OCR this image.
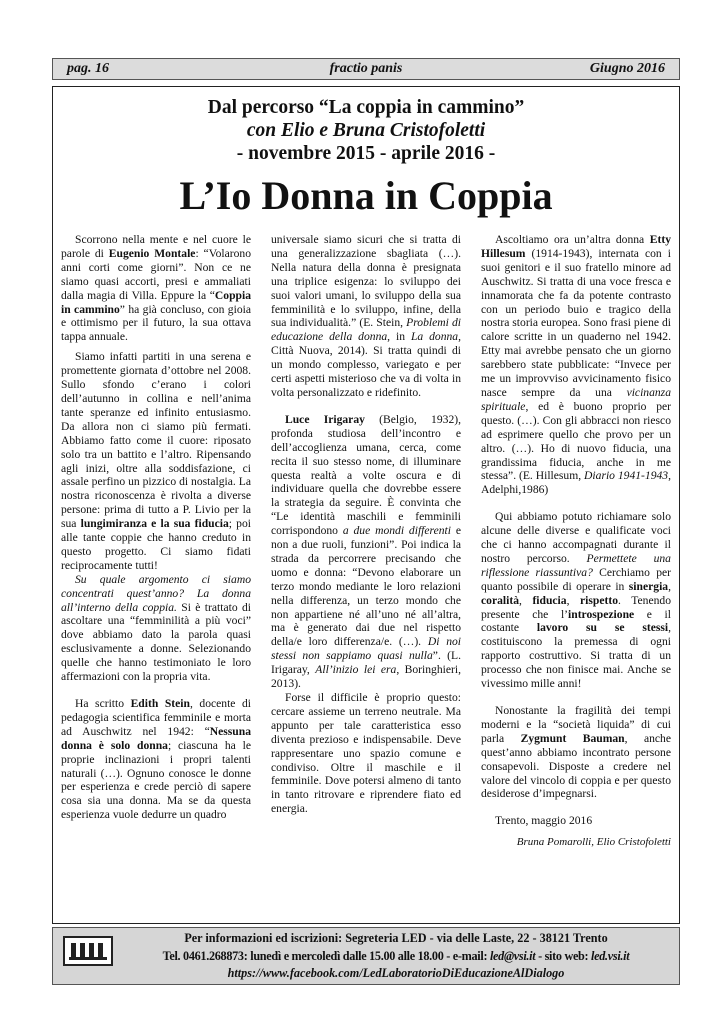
pag. 16	fractio panis	Giugno 2016
Dal percorso “La coppia in cammino”
con Elio e Bruna Cristofoletti
- novembre 2015 - aprile 2016 -
L’Io Donna in Coppia

Scorrono nella mente e nel cuore le parole di Eugenio Montale: “Volarono anni corti come giorni”. Non ce ne siamo quasi accorti, presi e ammaliati dalla magia di Villa. Eppure la “Coppia in cammino” ha già concluso, con gioia e ottimismo per il futuro, la sua ottava tappa annuale.

Siamo infatti partiti in una serena e promettente giornata d’ottobre nel 2008. Sullo sfondo c’erano i colori dell’autunno in collina e nell’anima tante speranze ed infinito entusiasmo. Da allora non ci siamo più fermati. Abbiamo fatto come il cuore: riposato solo tra un battito e l’altro. Ripensando agli inizi, oltre alla soddisfazione, ci assale perfino un pizzico di nostalgia. La nostra riconoscenza è rivolta a diverse persone: prima di tutto a P. Livio per la sua lungimiranza e la sua fiducia; poi alle tante coppie che hanno creduto in questo progetto. Ci siamo fidati reciprocamente tutti!

Su quale argomento ci siamo concentrati quest’anno? La donna all’interno della coppia. Si è trattato di ascoltare una “femminilità a più voci” dove abbiamo dato la parola quasi esclusivamente a donne. Selezionando quelle che hanno testimoniato le loro affermazioni con la propria vita.

Ha scritto Edith Stein, docente di pedagogia scientifica femminile e morta ad Auschwitz nel 1942: “Nessuna donna è solo donna; ciascuna ha le proprie inclinazioni i propri talenti naturali (…). Ognuno conosce le donne per esperienza e crede perciò di sapere cosa sia una donna. Ma se da questa esperienza vuole dedurre un quadro

universale siamo sicuri che si tratta di una generalizzazione sbagliata (…). Nella natura della donna è presignata una triplice esigenza: lo sviluppo dei suoi valori umani, lo sviluppo della sua femminilità e lo sviluppo, infine, della sua individualità.” (E. Stein, Problemi di educazione della donna, in La donna, Città Nuova, 2014). Si tratta quindi di un mondo complesso, variegato e per certi aspetti misterioso che va di volta in volta personalizzato e ridefinito.

Luce Irigaray (Belgio, 1932), profonda studiosa dell’incontro e dell’accoglienza umana, cerca, come recita il suo stesso nome, di illuminare questa realtà a volte oscura e di individuare quella che dovrebbe essere la strategia da seguire. È convinta che “Le identità maschili e femminili corrispondono a due mondi differenti e non a due ruoli, funzioni”. Poi indica la strada da percorrere precisando che uomo e donna: “Devono elaborare un terzo mondo mediante le loro relazioni nella differenza, un terzo mondo che non appartiene né all’uno né all’altra, ma è generato dai due nel rispetto della/e loro differenza/e. (…). Di noi stessi non sappiamo quasi nulla”. (L. Irigaray, All’inizio lei era, Boringhieri, 2013).

Forse il difficile è proprio questo: cercare assieme un terreno neutrale. Ma appunto per tale caratteristica esso diventa prezioso e indispensabile. Deve rappresentare uno spazio comune e condiviso. Oltre il maschile e il femminile. Dove potersi almeno di tanto in tanto ritrovare e riprendere fiato ed energia.

Ascoltiamo ora un’altra donna Etty Hillesum (1914-1943), internata con i suoi genitori e il suo fratello minore ad Auschwitz. Si tratta di una voce fresca e innamorata che fa da potente contrasto con un periodo buio e tragico della nostra storia europea. Sono frasi piene di calore scritte in un quaderno nel 1942. Etty mai avrebbe pensato che un giorno sarebbero state pubblicate: “Invece per me un improvviso avvicinamento fisico nasce sempre da una vicinanza spirituale, ed è buono proprio per questo. (…). Con gli abbracci non riesco ad esprimere quello che provo per un altro. (…). Ho di nuovo fiducia, una grandissima fiducia, anche in me stessa”. (E. Hillesum, Diario 1941-1943, Adelphi,1986)

Qui abbiamo potuto richiamare solo alcune delle diverse e qualificate voci che ci hanno accompagnati durante il nostro percorso. Permettete una riflessione riassuntiva? Cerchiamo per quanto possibile di operare in sinergia, coralità, fiducia, rispetto. Tenendo presente che l’introspezione e il costante lavoro su se stessi, costituiscono la premessa di ogni rapporto costruttivo. Si tratta di un processo che non finisce mai. Anche se vivessimo mille anni!

Nonostante la fragilità dei tempi moderni e la “società liquida” di cui parla Zygmunt Bauman, anche quest’anno abbiamo incontrato persone consapevoli. Disposte a credere nel valore del vincolo di coppia e per questo desiderose d’impegnarsi.

Trento, maggio 2016

Bruna Pomarolli, Elio Cristofoletti

Per informazioni ed iscrizioni: Segreteria LED - via delle Laste, 22 - 38121 Trento
Tel. 0461.268873: lunedì e mercoledì dalle 15.00 alle 18.00 - e-mail: led@vsi.it - sito web: led.vsi.it
https://www.facebook.com/LedLaboratorioDiEducazioneAlDialogo
